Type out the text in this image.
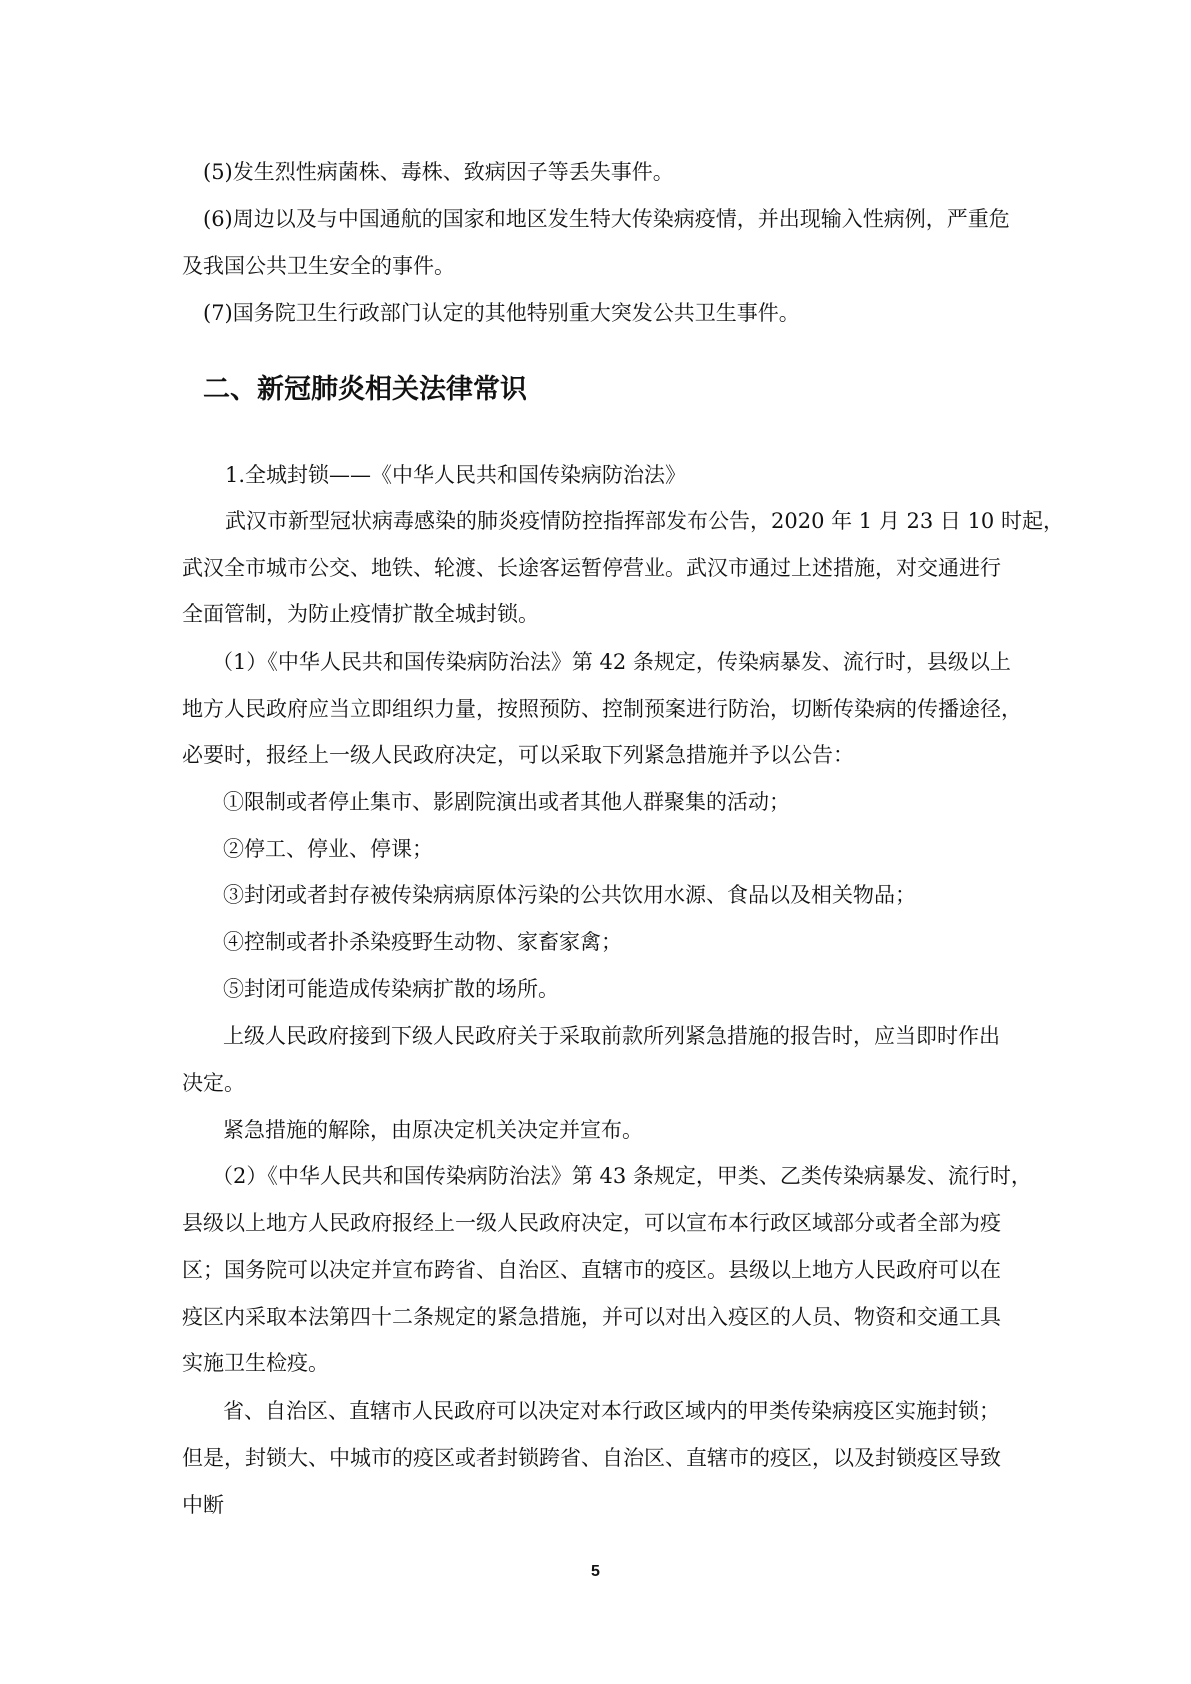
(5)发生烈性病菌株、毒株、致病因子等丢失事件。
(6)周边以及与中国通航的国家和地区发生特大传染病疫情，并出现输入性病例，严重危
及我国公共卫生安全的事件。
(7)国务院卫生行政部门认定的其他特别重大突发公共卫生事件。
二、新冠肺炎相关法律常识
1.全城封锁——《中华人民共和国传染病防治法》
武汉市新型冠状病毒感染的肺炎疫情防控指挥部发布公告，2020 年 1 月 23 日 10 时起，
武汉全市城市公交、地铁、轮渡、长途客运暂停营业。武汉市通过上述措施，对交通进行
全面管制，为防止疫情扩散全城封锁。
（1）《中华人民共和国传染病防治法》第 42 条规定，传染病暴发、流行时，县级以上
地方人民政府应当立即组织力量，按照预防、控制预案进行防治，切断传染病的传播途径，
必要时，报经上一级人民政府决定，可以采取下列紧急措施并予以公告：
①限制或者停止集市、影剧院演出或者其他人群聚集的活动；
②停工、停业、停课；
③封闭或者封存被传染病病原体污染的公共饮用水源、食品以及相关物品；
④控制或者扑杀染疫野生动物、家畜家禽；
⑤封闭可能造成传染病扩散的场所。
上级人民政府接到下级人民政府关于采取前款所列紧急措施的报告时，应当即时作出
决定。
紧急措施的解除，由原决定机关决定并宣布。
（2）《中华人民共和国传染病防治法》第 43 条规定，甲类、乙类传染病暴发、流行时，
县级以上地方人民政府报经上一级人民政府决定，可以宣布本行政区域部分或者全部为疫
区；国务院可以决定并宣布跨省、自治区、直辖市的疫区。县级以上地方人民政府可以在
疫区内采取本法第四十二条规定的紧急措施，并可以对出入疫区的人员、物资和交通工具
实施卫生检疫。
省、自治区、直辖市人民政府可以决定对本行政区域内的甲类传染病疫区实施封锁；
但是，封锁大、中城市的疫区或者封锁跨省、自治区、直辖市的疫区，以及封锁疫区导致
中断
5
